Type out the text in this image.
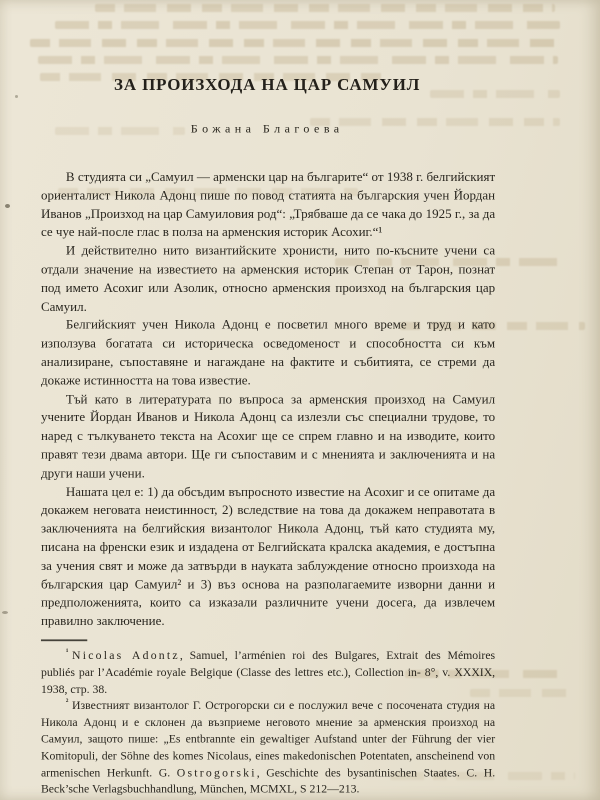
ЗА ПРОИЗХОДА НА ЦАР САМУИЛ
Божана Благоева

В студията си „Самуил — арменски цар на българите“ от 1938 г. белгийският ориенталист Никола Адонц пише по повод статията на българския учен Йордан Иванов „Произход на цар Самуиловия род“: „Трябваше да се чака до 1925 г., за да се чуе най-после глас в полза на арменския историк Асохиг.“¹

И действително нито византийските хронисти, нито по-късните учени са отдали значение на известието на арменския историк Степан от Тарон, познат под името Асохиг или Азолик, относно арменския произход на българския цар Самуил.

Белгийският учен Никола Адонц е посветил много време и труд и като използува богатата си историческа осведоменост и способността си към анализиране, съпоставяне и нагаждане на фактите и събитията, се стреми да докаже истинността на това известие.

Тъй като в литературата по въпроса за арменския произход на Самуил учените Йордан Иванов и Никола Адонц са излезли със специални трудове, то наред с тълкуването текста на Асохиг ще се спрем главно и на изводите, които правят тези двама автори. Ще ги съпоставим и с мненията и заключенията и на други наши учени.

Нашата цел е: 1) да обсъдим въпросното известие на Асохиг и се опитаме да докажем неговата неистинност, 2) вследствие на това да докажем неправотата в заключенията на белгийския византолог Никола Адонц, тъй като студията му, писана на френски език и издадена от Белгийската кралска академия, е достъпна за учения свят и може да затвърди в науката заблуждение относно произхода на българския цар Самуил² и 3) въз основа на разполагаемите изворни данни и предположенията, които са изказали различните учени досега, да извлечем правилно заключение.

$^{^1}$ Nicolas Adontz, Samuel, l’arménien roi des Bulgares, Extrait des Mémoires publiés par l’Académie royale Belgique (Classe des lettres etc.), Collection in- 8°, v. XXXIX, 1938, стр. 38.

$^{^2}$ Известният византолог Г. Острогорски си е послужил вече с посочената студия на Никола Адонц и е склонен да възприеме неговото мнение за арменския произход на Самуил, защото пише: „Es entbrannte ein gewaltiger Aufstand unter der Führung der vier Komitopuli, der Söhne des komes Nicolaus, eines makedonischen Potentaten, anscheinend von armenischen Herkunft. G. Ostrogorski, Geschichte des bysantinischen Staates. C. H. Beck’sche Verlagsbuchhandlung, München, MCMXL, S 212—213.
